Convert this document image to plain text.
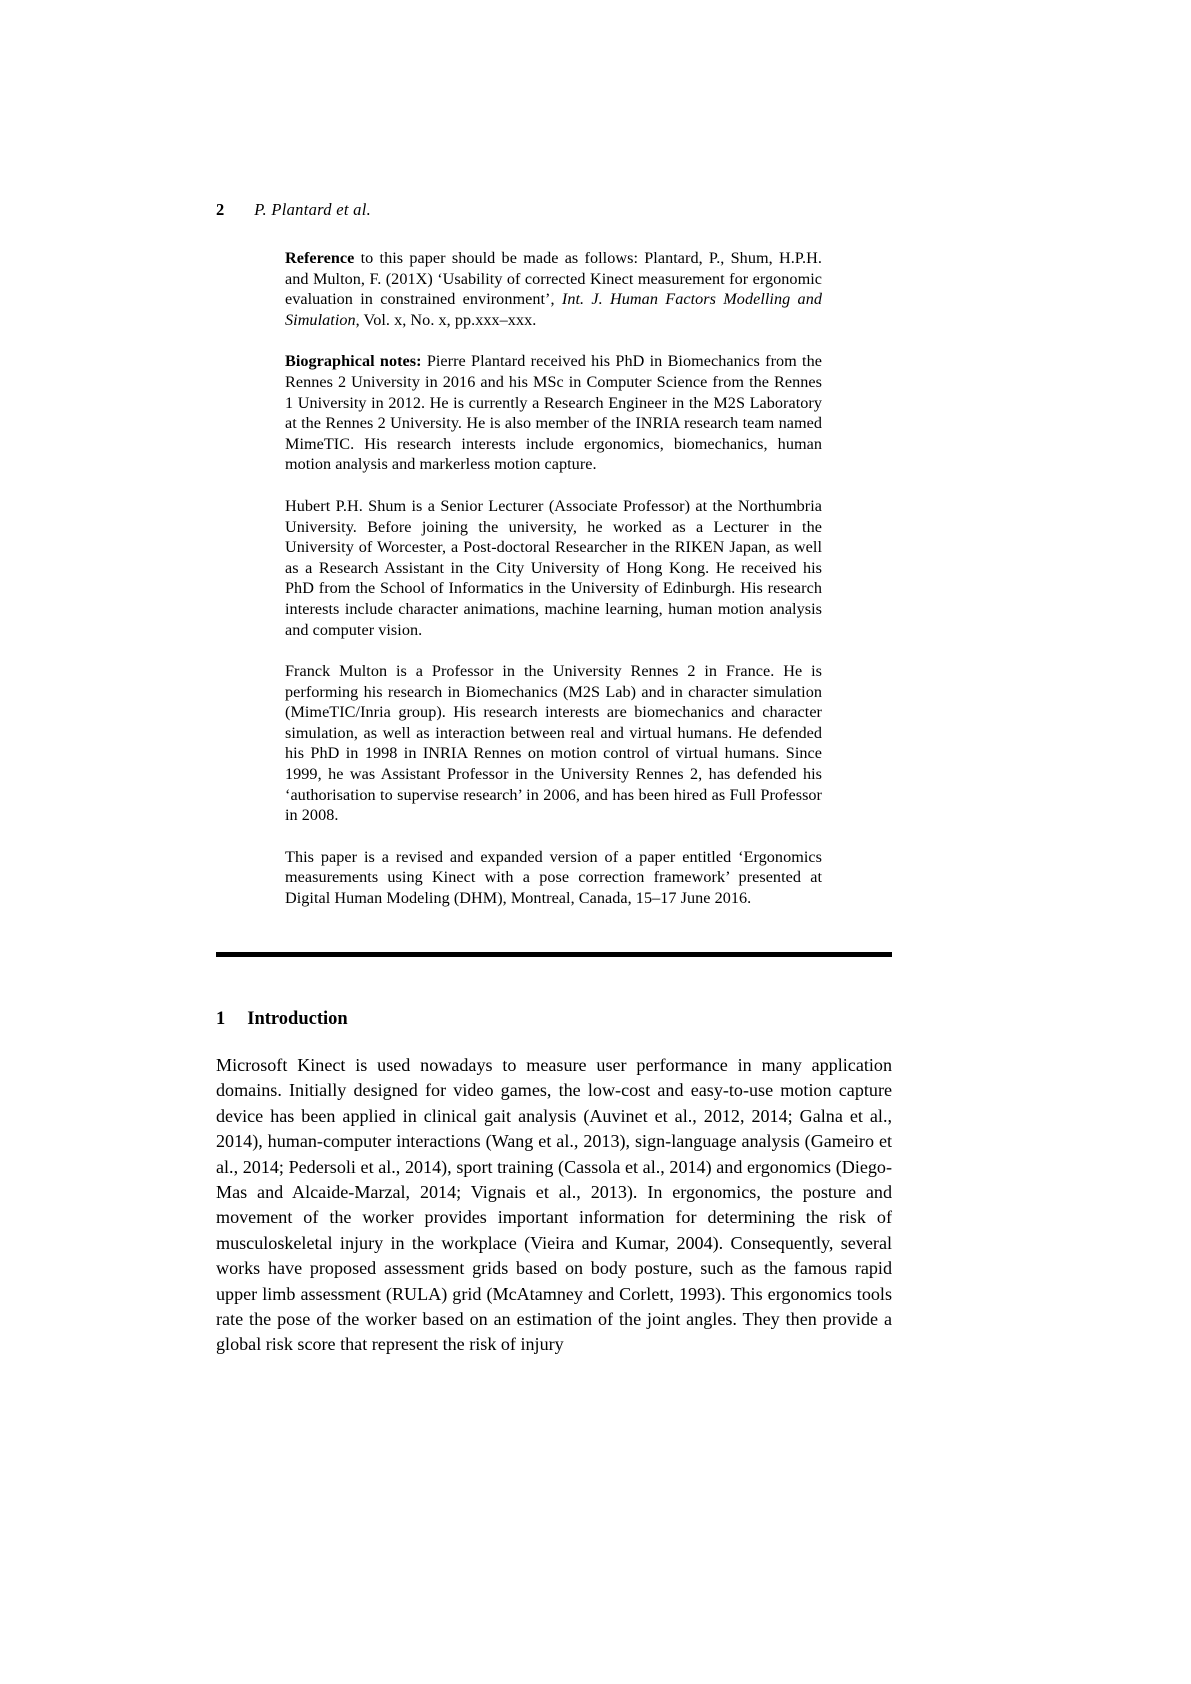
2 P. Plantard et al.

Reference to this paper should be made as follows: Plantard, P., Shum, H.P.H. and Multon, F. (201X) ‘Usability of corrected Kinect measurement for ergonomic evaluation in constrained environment’, Int. J. Human Factors Modelling and Simulation, Vol. x, No. x, pp.xxx–xxx.

Biographical notes: Pierre Plantard received his PhD in Biomechanics from the Rennes 2 University in 2016 and his MSc in Computer Science from the Rennes 1 University in 2012. He is currently a Research Engineer in the M2S Laboratory at the Rennes 2 University. He is also member of the INRIA research team named MimeTIC. His research interests include ergonomics, biomechanics, human motion analysis and markerless motion capture.

Hubert P.H. Shum is a Senior Lecturer (Associate Professor) at the Northumbria University. Before joining the university, he worked as a Lecturer in the University of Worcester, a Post-doctoral Researcher in the RIKEN Japan, as well as a Research Assistant in the City University of Hong Kong. He received his PhD from the School of Informatics in the University of Edinburgh. His research interests include character animations, machine learning, human motion analysis and computer vision.

Franck Multon is a Professor in the University Rennes 2 in France. He is performing his research in Biomechanics (M2S Lab) and in character simulation (MimeTIC/Inria group). His research interests are biomechanics and character simulation, as well as interaction between real and virtual humans. He defended his PhD in 1998 in INRIA Rennes on motion control of virtual humans. Since 1999, he was Assistant Professor in the University Rennes 2, has defended his ‘authorisation to supervise research’ in 2006, and has been hired as Full Professor in 2008.

This paper is a revised and expanded version of a paper entitled ‘Ergonomics measurements using Kinect with a pose correction framework’ presented at Digital Human Modeling (DHM), Montreal, Canada, 15–17 June 2016.

1 Introduction

Microsoft Kinect is used nowadays to measure user performance in many application domains. Initially designed for video games, the low-cost and easy-to-use motion capture device has been applied in clinical gait analysis (Auvinet et al., 2012, 2014; Galna et al., 2014), human-computer interactions (Wang et al., 2013), sign-language analysis (Gameiro et al., 2014; Pedersoli et al., 2014), sport training (Cassola et al., 2014) and ergonomics (Diego-Mas and Alcaide-Marzal, 2014; Vignais et al., 2013). In ergonomics, the posture and movement of the worker provides important information for determining the risk of musculoskeletal injury in the workplace (Vieira and Kumar, 2004). Consequently, several works have proposed assessment grids based on body posture, such as the famous rapid upper limb assessment (RULA) grid (McAtamney and Corlett, 1993). This ergonomics tools rate the pose of the worker based on an estimation of the joint angles. They then provide a global risk score that represent the risk of injury
